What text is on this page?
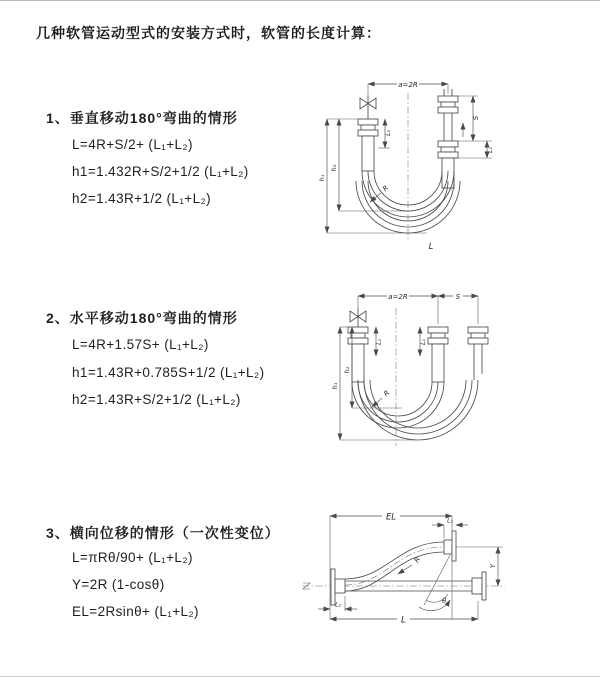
几种软管运动型式的安装方式时，软管的长度计算：
1、垂直移动180°弯曲的情形
L=4R+S/2+ (L₁+L₂)
h1=1.432R+S/2+1/2 (L₁+L₂)
h2=1.43R+1/2 (L₁+L₂)
a=2R
L₂
S
L₁
h₁
h₂
R
L
2、水平移动180°弯曲的情形
L=4R+1.57S+ (L₁+L₂)
h1=1.43R+0.785S+1/2 (L₁+L₂)
h2=1.43R+S/2+1/2 (L₁+L₂)
a=2R	S
L₂	L₁
h₁
h₂
R
3、横向位移的情形（一次性变位）
L=πRθ/90+ (L₁+L₂)
Y=2R (1-cosθ)
EL=2Rsinθ+ (L₁+L₂)
EL	L₁
Y
θ
R
L₂
L
